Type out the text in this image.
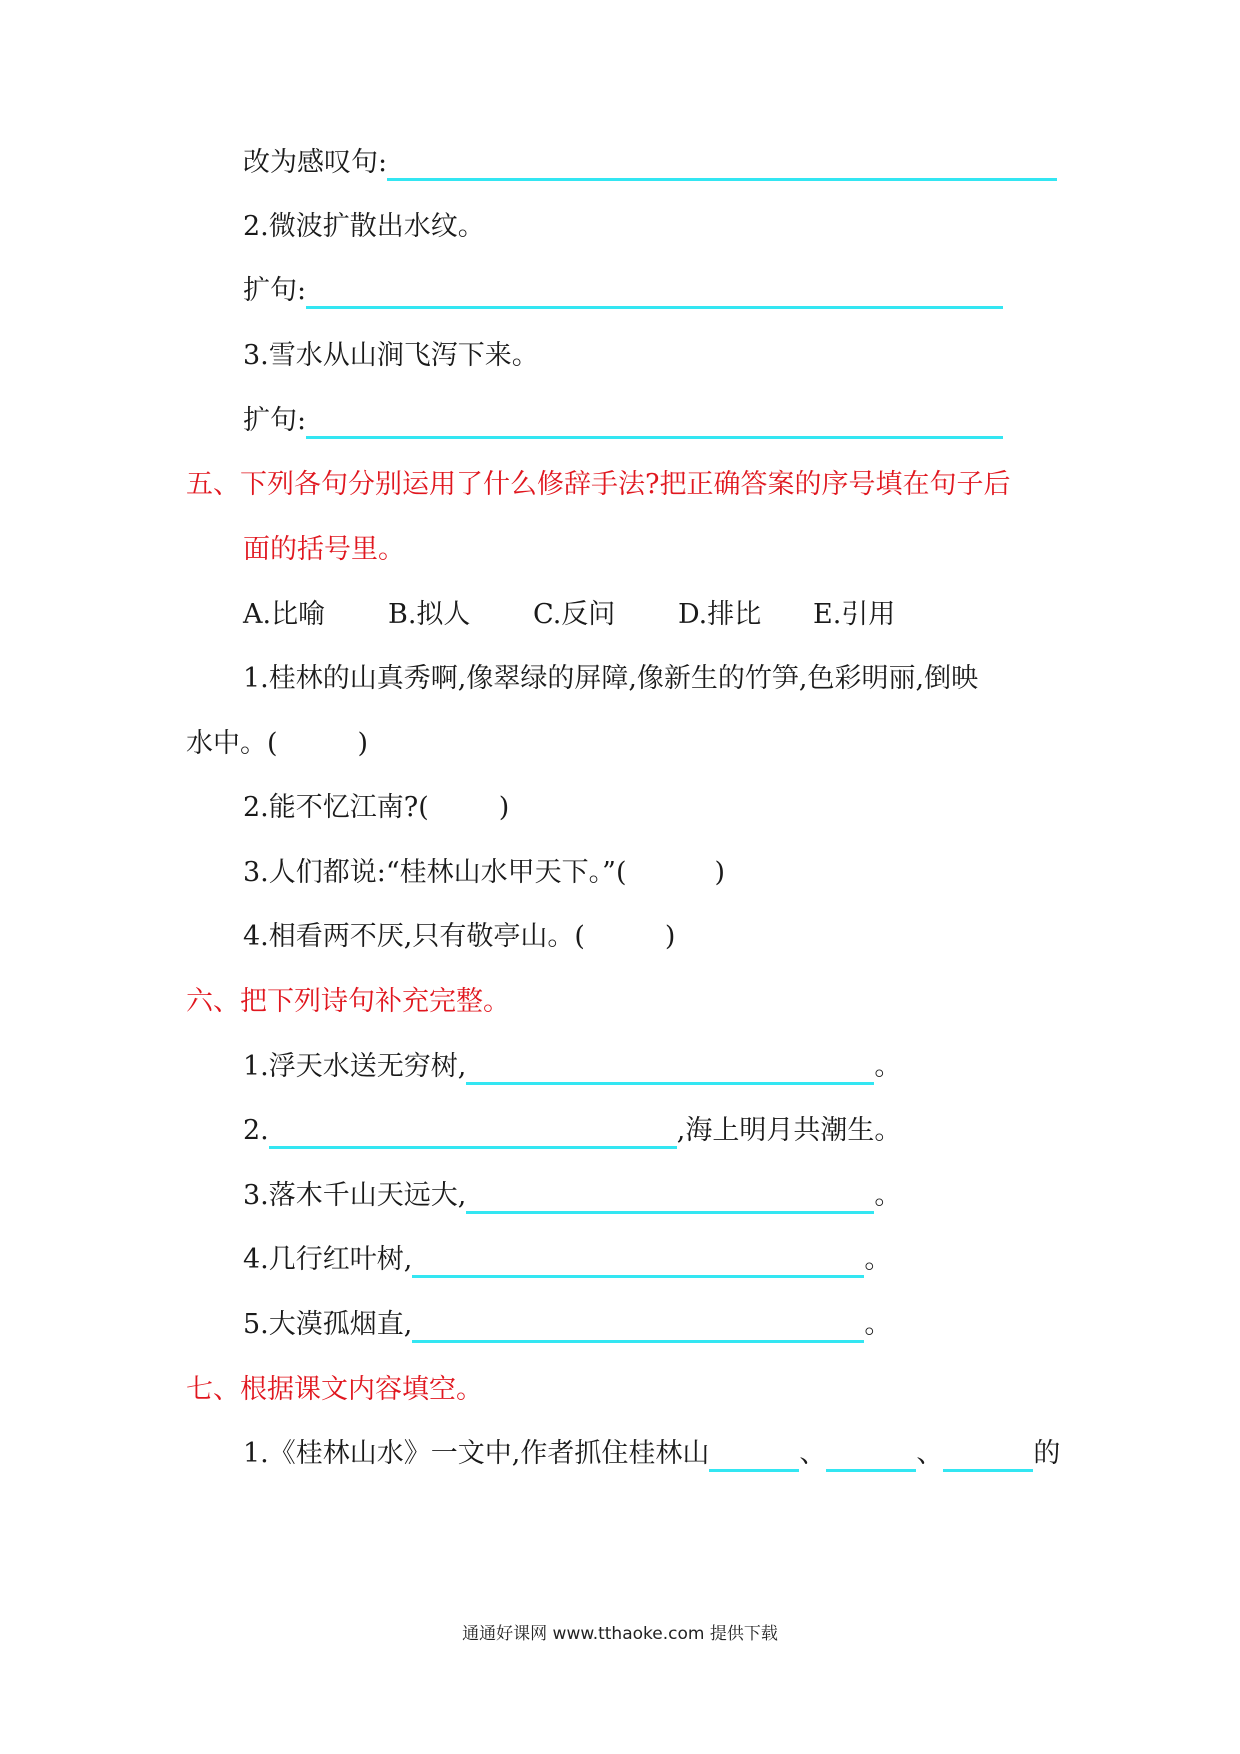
改为感叹句:
2.微波扩散出水纹。
扩句:
3.雪水从山涧飞泻下来。
扩句:
五、下列各句分别运用了什么修辞手法?把正确答案的序号填在句子后
面的括号里。
A.比喻 B.拟人 C.反问 D.排比 E.引用
1.桂林的山真秀啊,像翠绿的屏障,像新生的竹笋,色彩明丽,倒映
水中。(	)
2.能不忆江南?(	)
3.人们都说:“桂林山水甲天下。”(	)
4.相看两不厌,只有敬亭山。(	)
六、把下列诗句补充完整。
1.浮天水送无穷树,	。
2.	,海上明月共潮生。
3.落木千山天远大,	。
4.几行红叶树,	。
5.大漠孤烟直,	。
七、根据课文内容填空。
1.《桂林山水》一文中,作者抓住桂林山	、	、	的
通通好课网 www.tthaoke.com 提供下载
